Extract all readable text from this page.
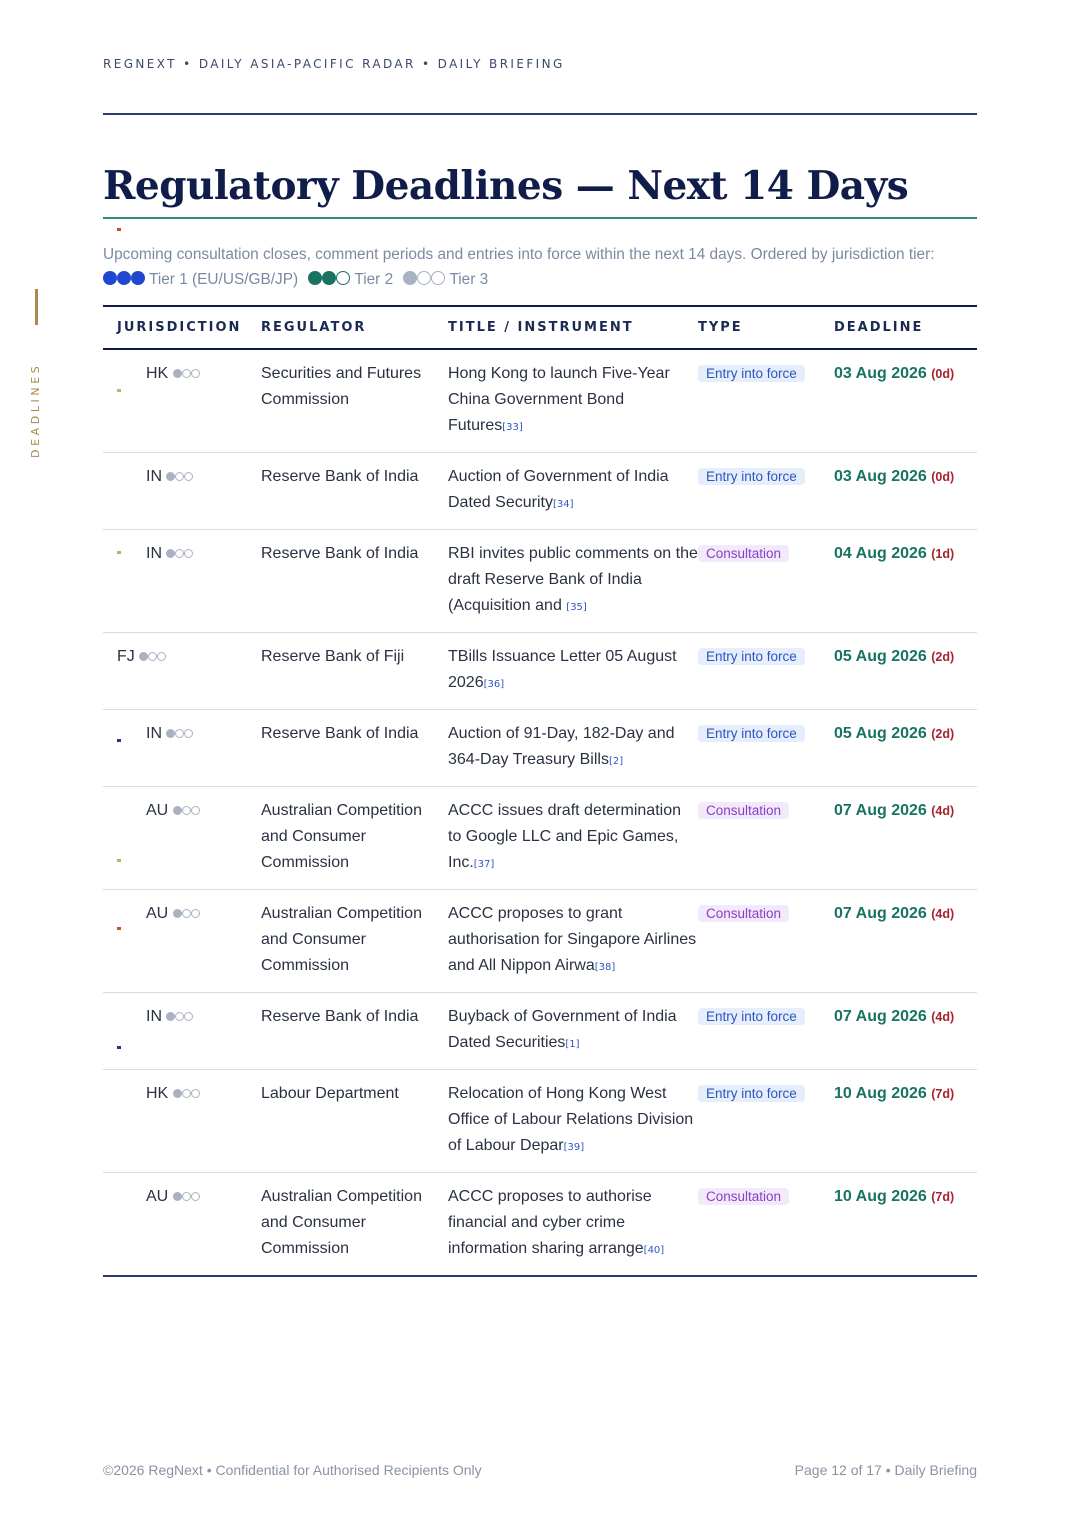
REGNEXT • DAILY ASIA-PACIFIC RADAR • DAILY BRIEFING
DEADLINES
Regulatory Deadlines — Next 14 Days
Upcoming consultation closes, comment periods and entries into force within the next 14 days. Ordered by jurisdiction tier:
Tier 1 (EU/US/GB/JP)	Tier 2	Tier 3
JURISDICTION	REGULATOR	TITLE / INSTRUMENT	TYPE	DEADLINE
HK	Securities and Futures Commission	Hong Kong to launch Five-Year China Government Bond Futures[33]	Entry into force	03 Aug 2026 (0d)
IN	Reserve Bank of India	Auction of Government of India Dated Security[34]	Entry into force	03 Aug 2026 (0d)
IN	Reserve Bank of India	RBI invites public comments on the draft Reserve Bank of India (Acquisition and [35]	Consultation	04 Aug 2026 (1d)
FJ	Reserve Bank of Fiji	TBills Issuance Letter 05 August 2026[36]	Entry into force	05 Aug 2026 (2d)
IN	Reserve Bank of India	Auction of 91-Day, 182-Day and 364-Day Treasury Bills[2]	Entry into force	05 Aug 2026 (2d)
AU	Australian Competition and Consumer Commission	ACCC issues draft determination to Google LLC and Epic Games, Inc.[37]	Consultation	07 Aug 2026 (4d)
AU	Australian Competition and Consumer Commission	ACCC proposes to grant authorisation for Singapore Airlines and All Nippon Airwa[38]	Consultation	07 Aug 2026 (4d)
IN	Reserve Bank of India	Buyback of Government of India Dated Securities[1]	Entry into force	07 Aug 2026 (4d)
HK	Labour Department	Relocation of Hong Kong West Office of Labour Relations Division of Labour Depar[39]	Entry into force	10 Aug 2026 (7d)
AU	Australian Competition and Consumer Commission	ACCC proposes to authorise financial and cyber crime information sharing arrange[40]	Consultation	10 Aug 2026 (7d)
©2026 RegNext • Confidential for Authorised Recipients Only	Page 12 of 17 • Daily Briefing
